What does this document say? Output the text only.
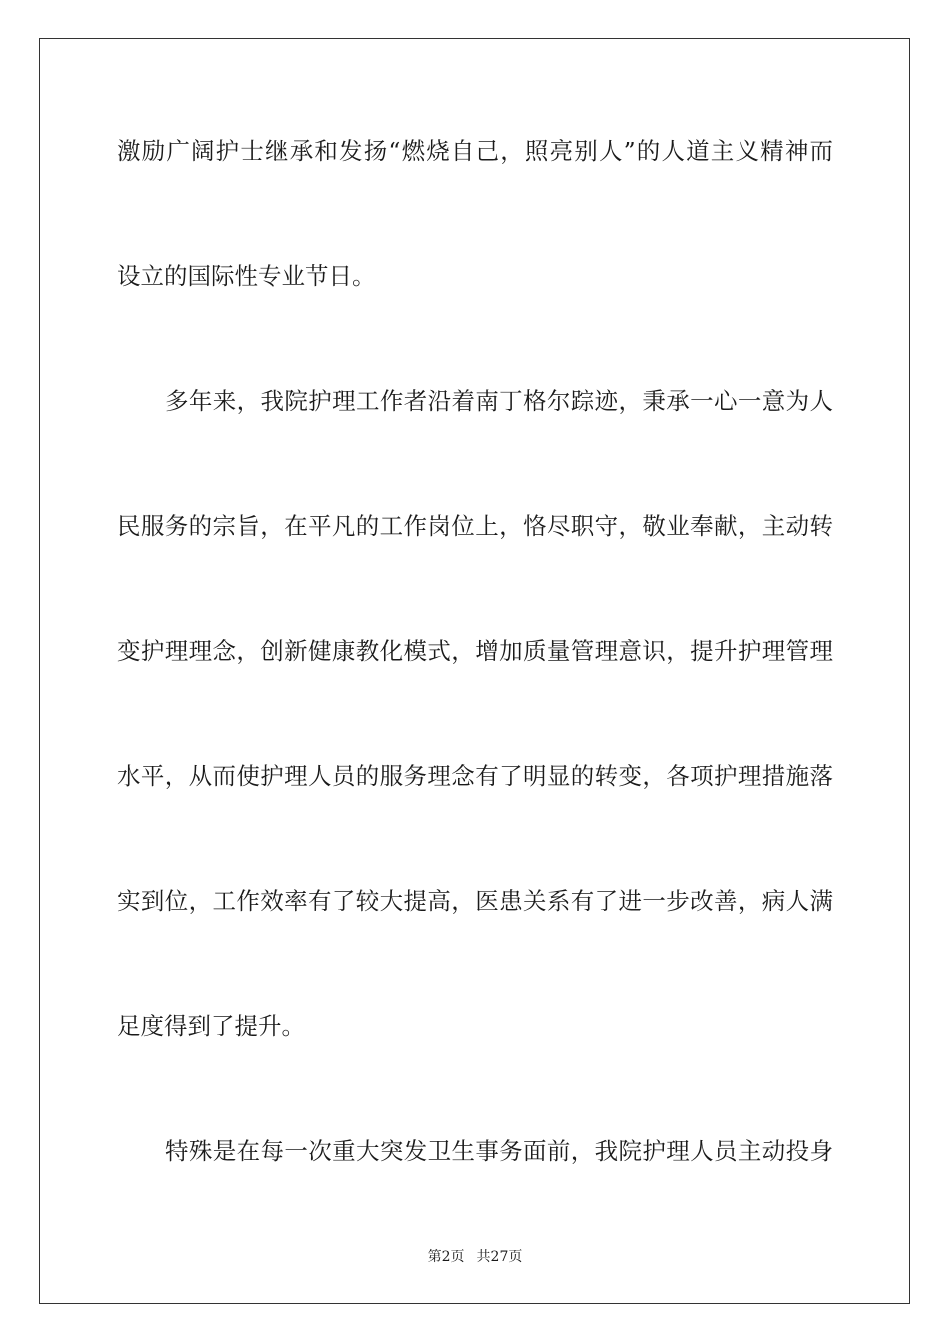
激励广阔护士继承和发扬“燃烧自己，照亮别人”的人道主义精神而
设立的国际性专业节日。
多年来，我院护理工作者沿着南丁格尔踪迹，秉承一心一意为人
民服务的宗旨，在平凡的工作岗位上，恪尽职守，敬业奉献，主动转
变护理理念，创新健康教化模式，增加质量管理意识，提升护理管理
水平，从而使护理人员的服务理念有了明显的转变，各项护理措施落
实到位，工作效率有了较大提高，医患关系有了进一步改善，病人满
足度得到了提升。
特殊是在每一次重大突发卫生事务面前，我院护理人员主动投身
第2页 共27页
